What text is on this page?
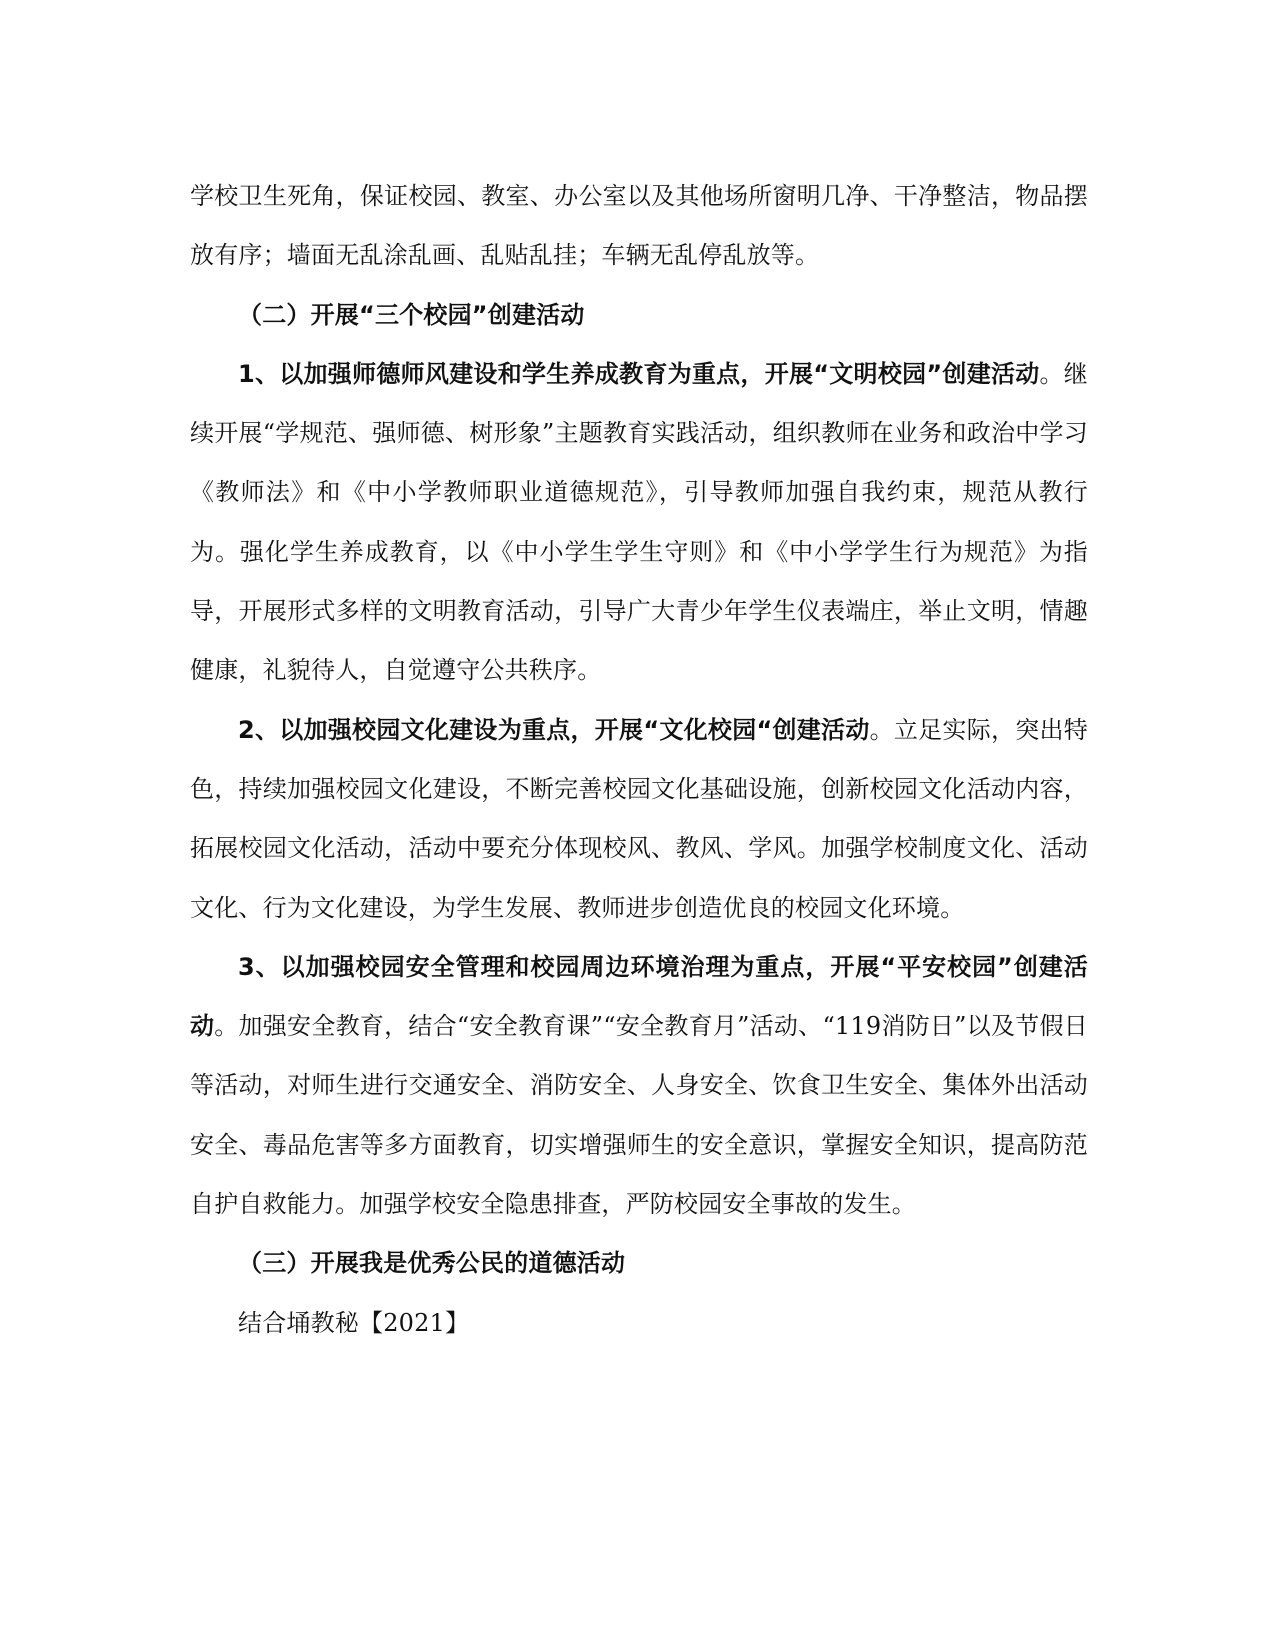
学校卫生死角，保证校园、教室、办公室以及其他场所窗明几净、干净整洁，物品摆放有序；墙面无乱涂乱画、乱贴乱挂；车辆无乱停乱放等。

（二）开展“三个校园”创建活动

1、以加强师德师风建设和学生养成教育为重点，开展“文明校园”创建活动。继续开展“学规范、强师德、树形象”主题教育实践活动，组织教师在业务和政治中学习《教师法》和《中小学教师职业道德规范》，引导教师加强自我约束，规范从教行为。强化学生养成教育，以《中小学生学生守则》和《中小学学生行为规范》为指导，开展形式多样的文明教育活动，引导广大青少年学生仪表端庄，举止文明，情趣健康，礼貌待人，自觉遵守公共秩序。

2、以加强校园文化建设为重点，开展“文化校园“创建活动。立足实际，突出特色，持续加强校园文化建设，不断完善校园文化基础设施，创新校园文化活动内容，拓展校园文化活动，活动中要充分体现校风、教风、学风。加强学校制度文化、活动文化、行为文化建设，为学生发展、教师进步创造优良的校园文化环境。

3、以加强校园安全管理和校园周边环境治理为重点，开展“平安校园”创建活动。加强安全教育，结合“安全教育课”“安全教育月”活动、“119消防日”以及节假日等活动，对师生进行交通安全、消防安全、人身安全、饮食卫生安全、集体外出活动安全、毒品危害等多方面教育，切实增强师生的安全意识，掌握安全知识，提高防范自护自救能力。加强学校安全隐患排查，严防校园安全事故的发生。

（三）开展我是优秀公民的道德活动

结合埇教秘【2021】
